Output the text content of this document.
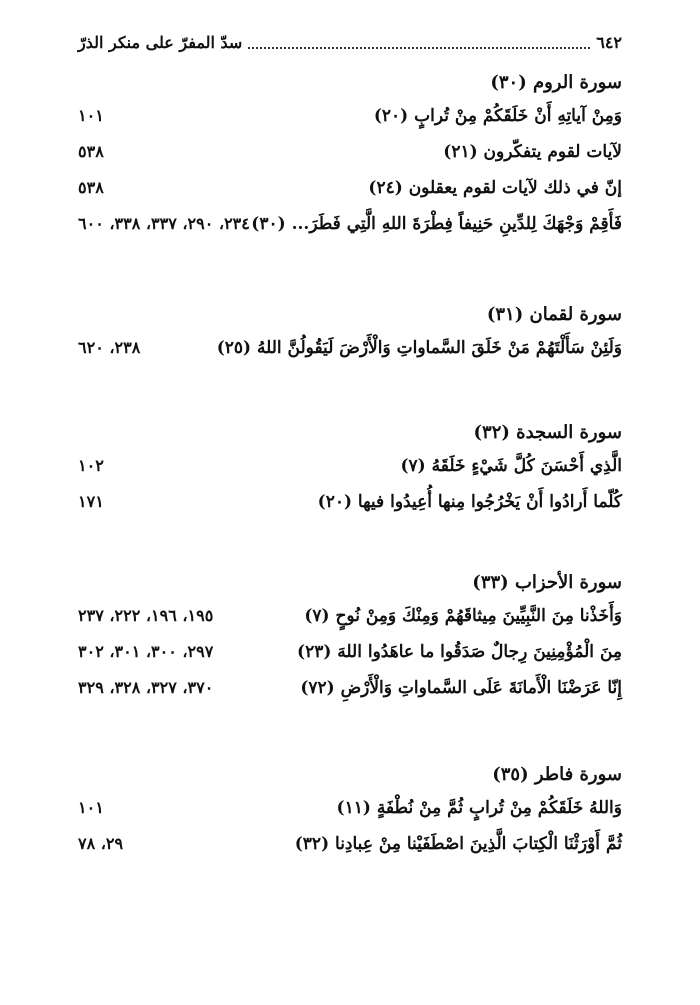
٦٤٢
سدّ المفرّ على منكر الذرّ
سورة الروم (٣٠)
وَمِنْ آياتِهِ أَنْ خَلَقَكُمْ مِنْ تُرابٍ (٢٠)
١٠١
لآيات لقوم يتفكّرون (٢١)
٥٣٨
إنّ في ذلك لآيات لقوم يعقلون (٢٤)
٥٣٨
فَأَقِمْ وَجْهَكَ لِلدِّينِ حَنِيفاً فِطْرَةَ اللهِ الَّتِي فَطَرَ... (٣٠)
٢٣٤، ٢٩٠، ٣٣٧، ٣٣٨، ٦٠٠
سورة لقمان (٣١)
وَلَئِنْ سَأَلْتَهُمْ مَنْ خَلَقَ السَّماواتِ وَالْأَرْضَ لَيَقُولُنَّ اللهُ (٢٥)
٢٣٨، ٦٢٠
سورة السجدة (٣٢)
الَّذِي أَحْسَنَ كُلَّ شَيْءٍ خَلَقَهُ (٧)
١٠٢
كُلّما أَرادُوا أَنْ يَخْرُجُوا مِنها أُعِيدُوا فيها (٢٠)
١٧١
سورة الأحزاب (٣٣)
وَأَخَذْنا مِنَ النَّبِيِّينَ مِيثاقَهُمْ وَمِنْكَ وَمِنْ نُوحٍ (٧)
١٩٥، ١٩٦، ٢٢٢، ٢٣٧
مِنَ الْمُؤْمِنِينَ رِجالٌ صَدَقُوا ما عاهَدُوا اللهَ (٢٣)
٢٩٧، ٣٠٠، ٣٠١، ٣٠٢
إِنّا عَرَضْنَا الْأَمانَةَ عَلَى السَّماواتِ وَالْأَرْضِ (٧٢)
٣٧٠، ٣٢٧، ٣٢٨، ٣٢٩
سورة فاطر (٣٥)
وَاللهُ خَلَقَكُمْ مِنْ تُرابٍ ثُمَّ مِنْ نُطْفَةٍ (١١)
١٠١
ثُمَّ أَوْرَثْنَا الْكِتابَ الَّذِينَ اصْطَفَيْنا مِنْ عِبادِنا (٣٢)
٢٩، ٧٨
